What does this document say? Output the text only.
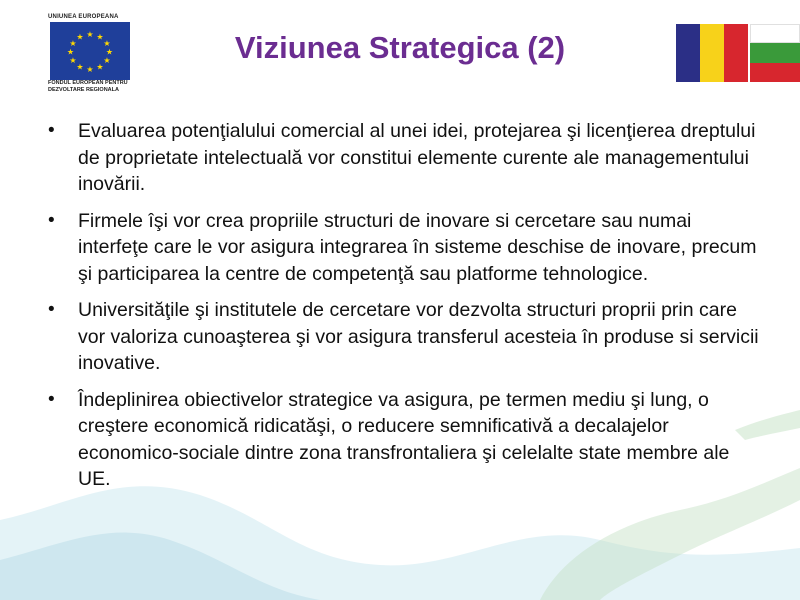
UNIUNEA EUROPEANA
★ ★
★
★
★
★
★
★
★
★
★
★
FONDUL EUROPEAN PENTRU DEZVOLTARE REGIONALA
Viziunea Strategica (2)
• Evaluarea potenţialului comercial al unei idei, protejarea şi licenţierea dreptului de proprietate intelectuală vor constitui elemente curente ale managementului inovării.
• Firmele îşi vor crea propriile structuri de inovare si cercetare sau numai interfeţe care le vor asigura integrarea în sisteme deschise de inovare, precum şi participarea la centre de competenţă sau platforme tehnologice.
• Universităţile şi institutele de cercetare vor dezvolta structuri proprii prin care vor valoriza cunoaşterea şi vor asigura transferul acesteia în produse si servicii inovative.
• Îndeplinirea obiectivelor strategice va asigura, pe termen mediu şi lung, o creştere economică ridicatăşi, o reducere semnificativă a decalajelor economico-sociale dintre zona transfrontaliera şi celelalte state membre ale UE.
